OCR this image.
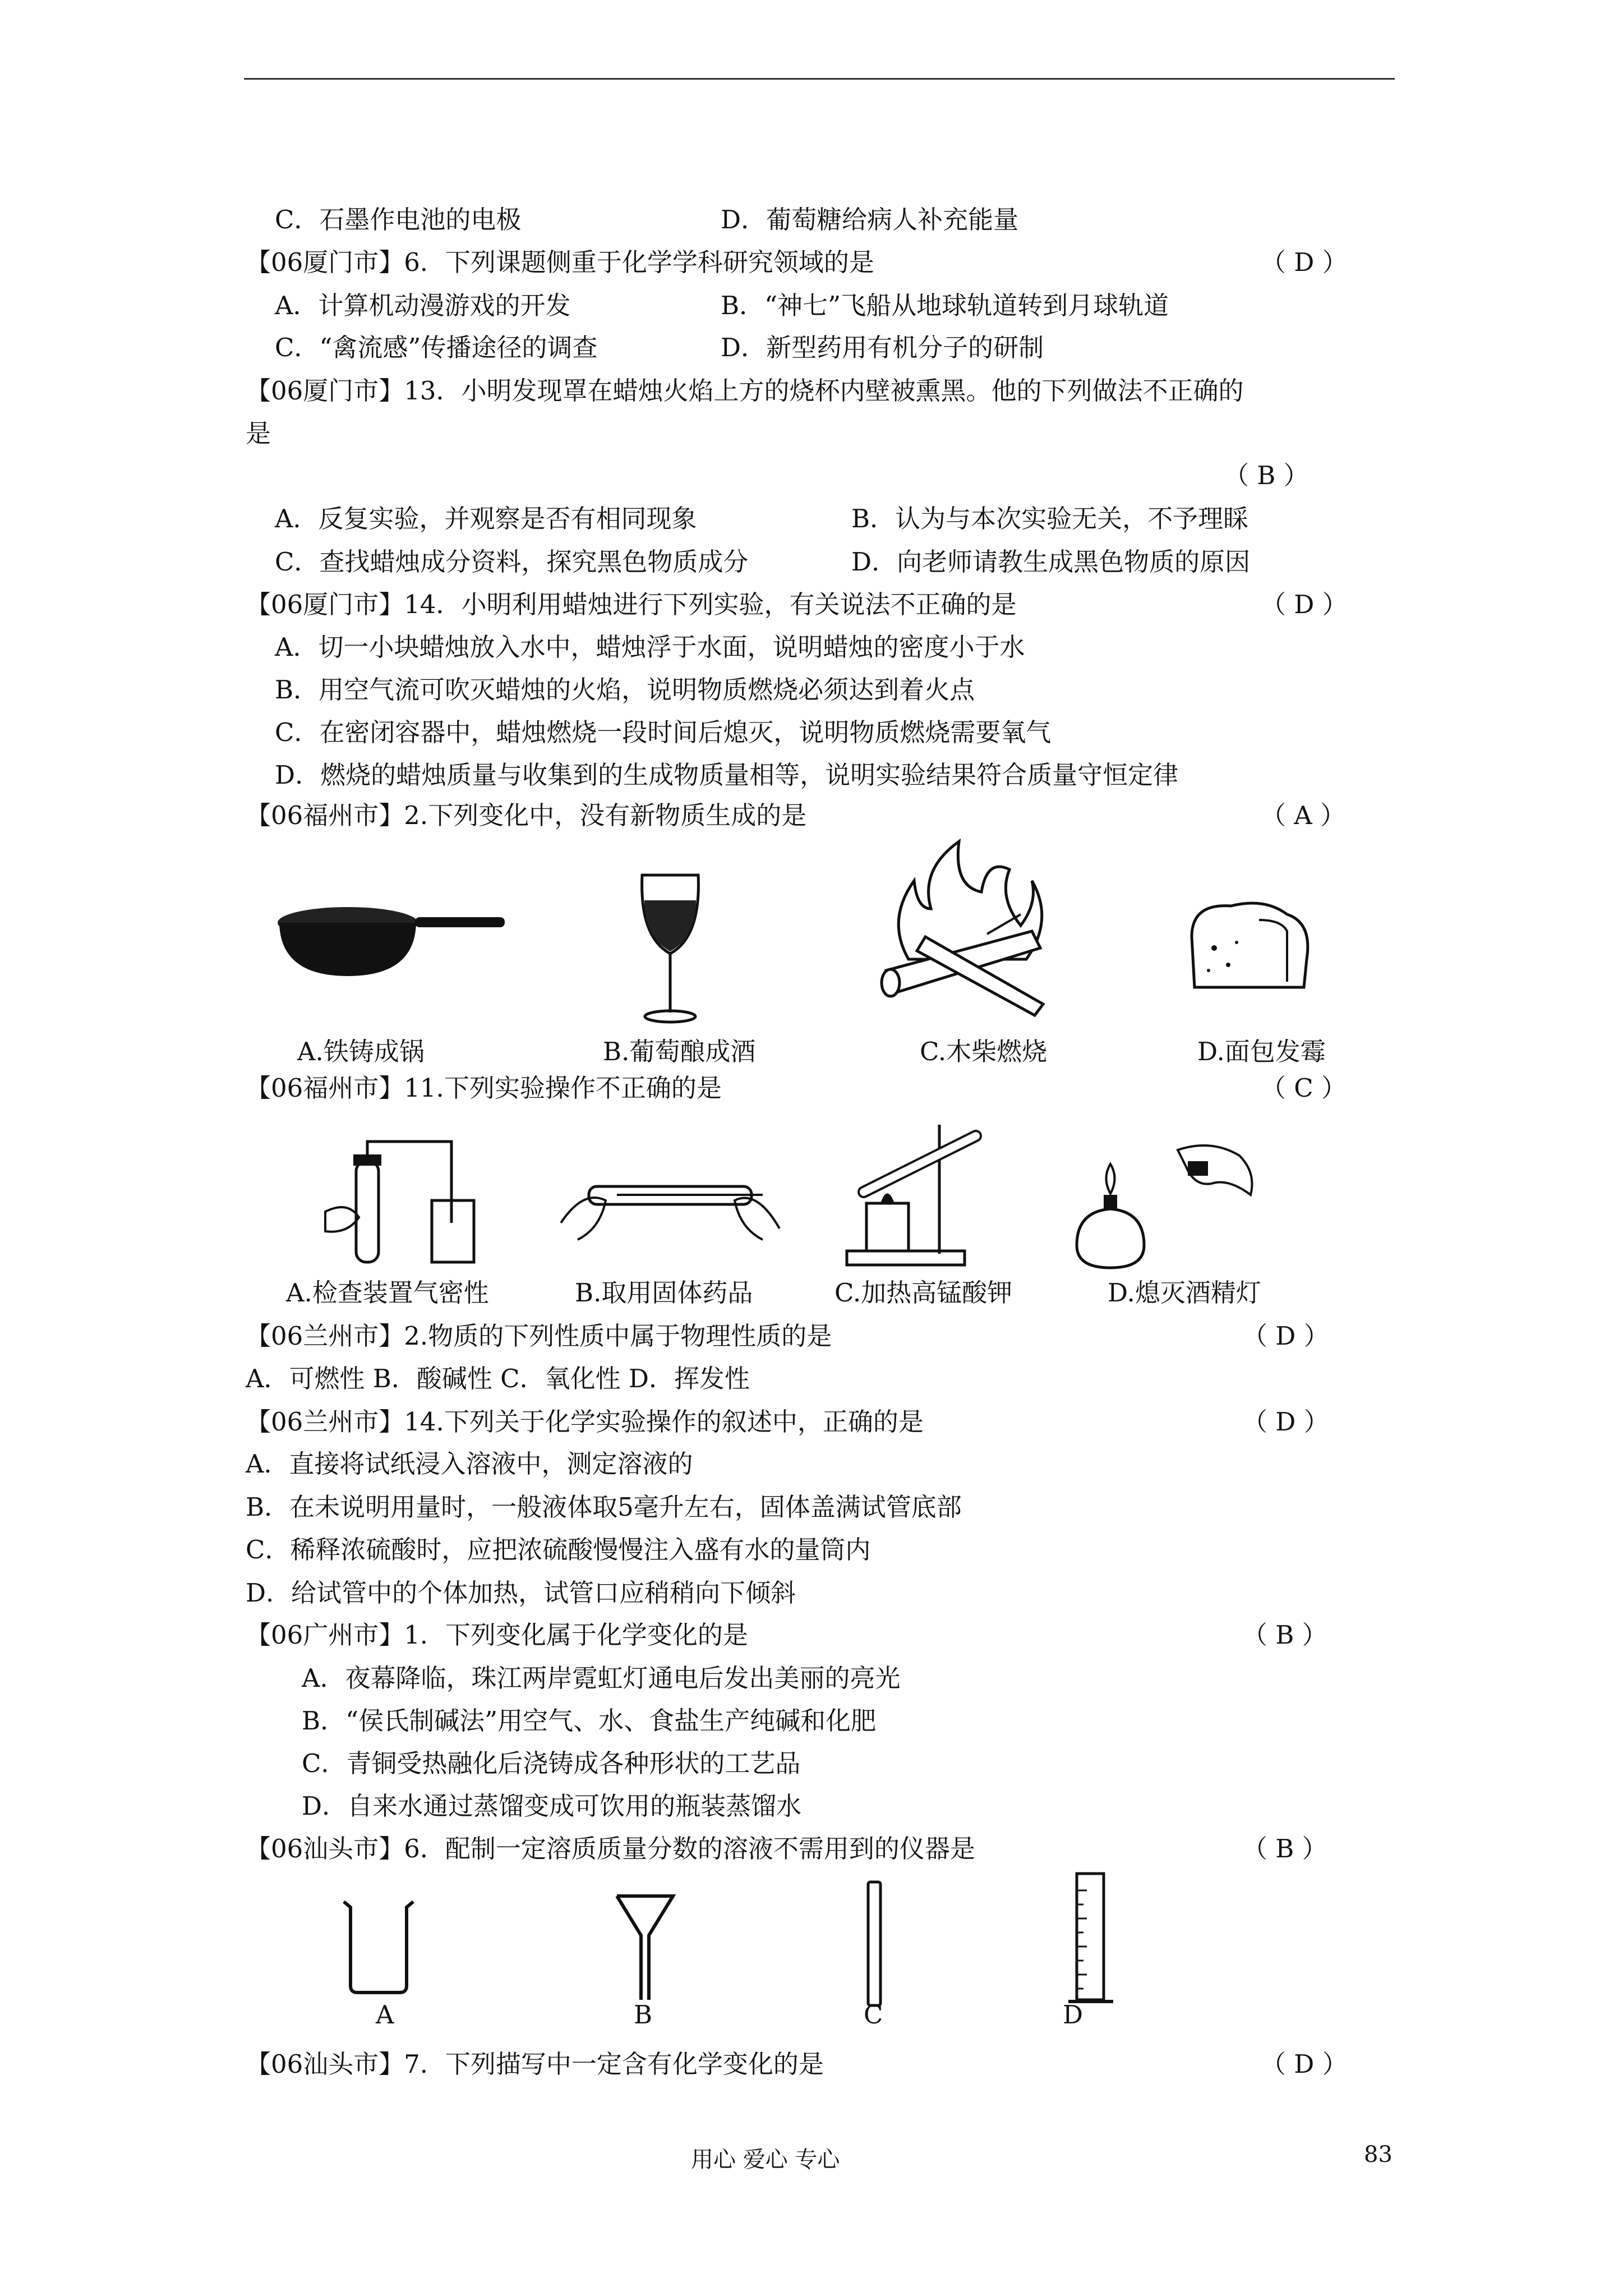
C．石墨作电池的电极	D．葡萄糖给病人补充能量
【06厦门市】6．下列课题侧重于化学学科研究领域的是	（ D ）
A．计算机动漫游戏的开发	B．“神七”飞船从地球轨道转到月球轨道
C．“禽流感”传播途径的调查	D．新型药用有机分子的研制
【06厦门市】13．小明发现罩在蜡烛火焰上方的烧杯内壁被熏黑。他的下列做法不正确的
是
（ B ）
A．反复实验，并观察是否有相同现象	B．认为与本次实验无关，不予理睬
C．查找蜡烛成分资料，探究黑色物质成分	D．向老师请教生成黑色物质的原因
【06厦门市】14．小明利用蜡烛进行下列实验，有关说法不正确的是	（ D ）
A．切一小块蜡烛放入水中，蜡烛浮于水面，说明蜡烛的密度小于水
B．用空气流可吹灭蜡烛的火焰，说明物质燃烧必须达到着火点
C．在密闭容器中，蜡烛燃烧一段时间后熄灭，说明物质燃烧需要氧气
D．燃烧的蜡烛质量与收集到的生成物质量相等，说明实验结果符合质量守恒定律
【06福州市】2.下列变化中，没有新物质生成的是	（ A ）
A.铁铸成锅	B.葡萄酿成酒	C.木柴燃烧	D.面包发霉
【06福州市】11.下列实验操作不正确的是	（ C ）
A.检查装置气密性	B.取用固体药品	C.加热高锰酸钾	D.熄灭酒精灯
【06兰州市】2.物质的下列性质中属于物理性质的是	（ D ）
A．可燃性 B．酸碱性 C．氧化性 D．挥发性
【06兰州市】14.下列关于化学实验操作的叙述中，正确的是	（ D ）
A．直接将试纸浸入溶液中，测定溶液的
B．在未说明用量时，一般液体取5毫升左右，固体盖满试管底部
C．稀释浓硫酸时，应把浓硫酸慢慢注入盛有水的量筒内
D．给试管中的个体加热，试管口应稍稍向下倾斜
【06广州市】1．下列变化属于化学变化的是	（ B ）
A．夜幕降临，珠江两岸霓虹灯通电后发出美丽的亮光
B．“侯氏制碱法”用空气、水、食盐生产纯碱和化肥
C．青铜受热融化后浇铸成各种形状的工艺品
D．自来水通过蒸馏变成可饮用的瓶装蒸馏水
【06汕头市】6．配制一定溶质质量分数的溶液不需用到的仪器是	（ B ）
A	B	C	D
【06汕头市】7．下列描写中一定含有化学变化的是	（ D ）
用心 爱心 专心	83
